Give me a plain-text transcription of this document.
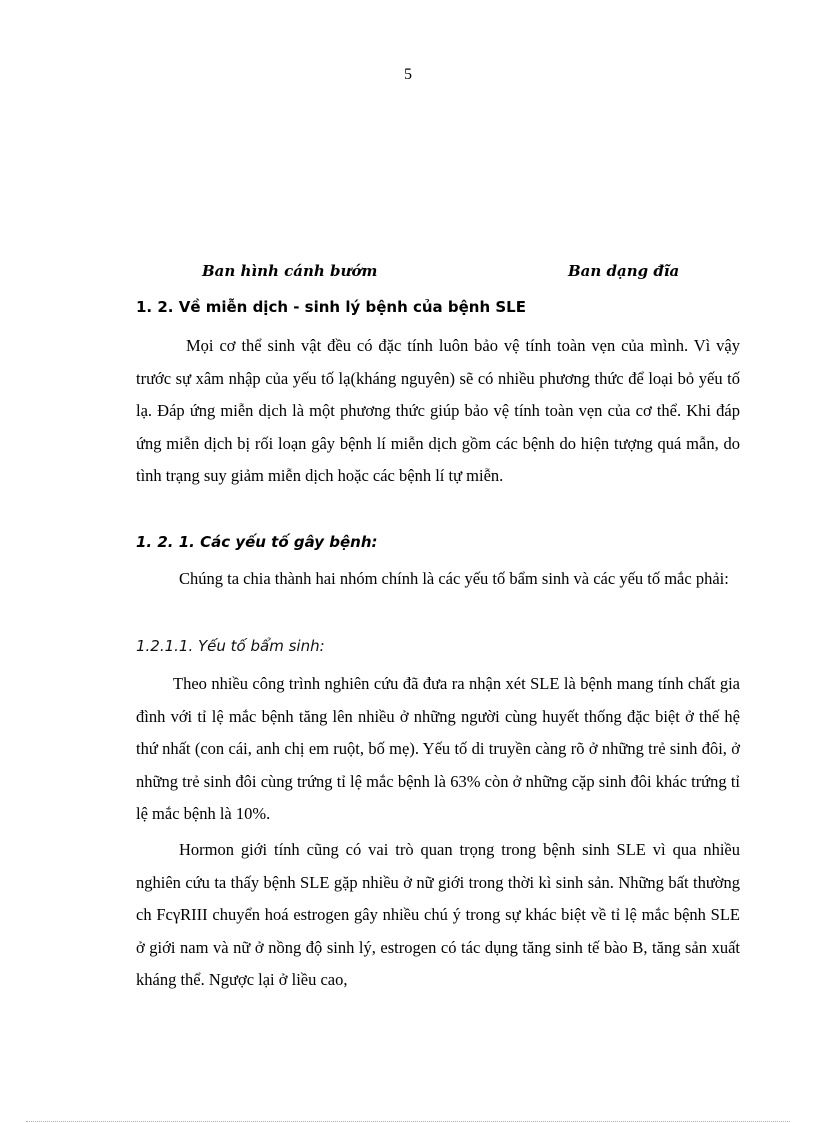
5
Ban hình cánh bướm	Ban dạng đĩa
1. 2. Về miễn dịch - sinh lý bệnh của bệnh SLE

Mọi cơ thể sinh vật đều có đặc tính luôn bảo vệ tính toàn vẹn của mình. Vì vậy trước sự xâm nhập của yếu tố lạ(kháng nguyên) sẽ có nhiều phương thức để loại bỏ yếu tố lạ. Đáp ứng miễn dịch là một phương thức giúp bảo vệ tính toàn vẹn của cơ thể. Khi đáp ứng miễn dịch bị rối loạn gây bệnh lí miễn dịch gồm các bệnh do hiện tượng quá mẫn, do tình trạng suy giảm miễn dịch hoặc các bệnh lí tự miễn.

1. 2. 1. Các yếu tố gây bệnh:

Chúng ta chia thành hai nhóm chính là các yếu tố bẩm sinh và các yếu tố mắc phải:

1.2.1.1. Yếu tố bẩm sinh:

Theo nhiều công trình nghiên cứu đã đưa ra nhận xét SLE là bệnh mang tính chất gia đình với tỉ lệ mắc bệnh tăng lên nhiều ở những người cùng huyết thống đặc biệt ở thế hệ thứ nhất (con cái, anh chị em ruột, bố mẹ). Yếu tố di truyền càng rõ ở những trẻ sinh đôi, ở những trẻ sinh đôi cùng trứng tỉ lệ mắc bệnh là 63% còn ở những cặp sinh đôi khác trứng tỉ lệ mắc bệnh là 10%.

Hormon giới tính cũng có vai trò quan trọng trong bệnh sinh SLE vì qua nhiều nghiên cứu ta thấy bệnh SLE gặp nhiều ở nữ giới trong thời kì sinh sản. Những bất thường ch FcγRIII chuyển hoá estrogen gây nhiều chú ý trong sự khác biệt về tỉ lệ mắc bệnh SLE ở giới nam và nữ ở nồng độ sinh lý, estrogen có tác dụng tăng sinh tế bào B, tăng sản xuất kháng thể. Ngược lại ở liều cao,
